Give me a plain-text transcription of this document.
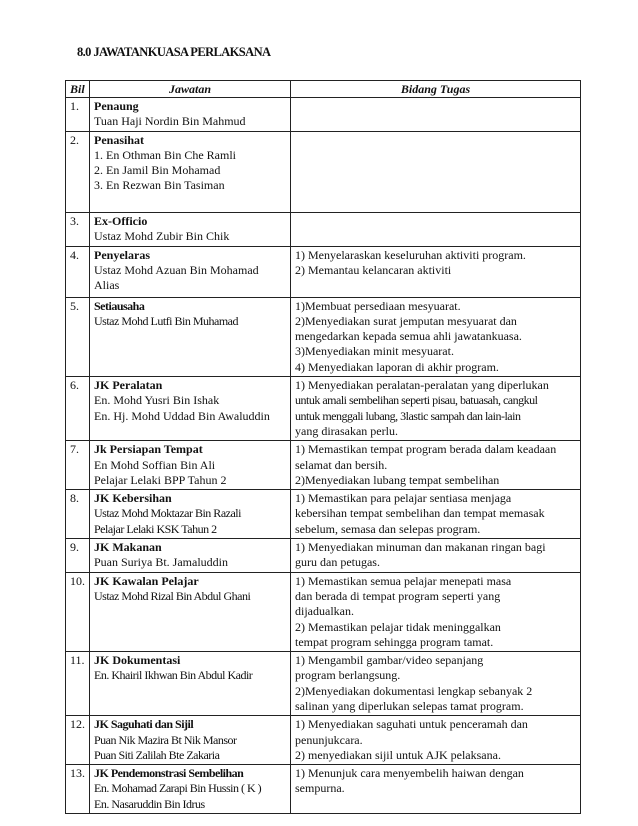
8.0 JAWATANKUASA PERLAKSANA
Bil	Jawatan	Bidang Tugas
1.	Penaung
Tuan Haji Nordin Bin Mahmud	

2.	Penasihat
1. En Othman Bin Che Ramli
2. En Jamil Bin Mohamad
3. En Rezwan Bin Tasiman	

3.	Ex-Officio
Ustaz Mohd Zubir Bin Chik	

4.	Penyelaras
Ustaz Mohd Azuan Bin Mohamad
Alias	1) Menyelaraskan keseluruhan aktiviti program.
2) Memantau kelancaran aktiviti

5.	Setiausaha
Ustaz Mohd Lutfi Bin Muhamad	1)Membuat persediaan mesyuarat.
2)Menyediakan surat jemputan mesyuarat dan
mengedarkan kepada semua ahli jawatankuasa.
3)Menyediakan minit mesyuarat.
4) Menyediakan laporan di akhir program.

6.	JK Peralatan
En. Mohd Yusri Bin Ishak
En. Hj. Mohd Uddad Bin Awaluddin	1) Menyediakan peralatan-peralatan yang diperlukan
untuk amali sembelihan seperti pisau, batuasah, cangkul
untuk menggali lubang, 3lastic sampah dan lain-lain
yang dirasakan perlu.

7.	Jk Persiapan Tempat
En Mohd Soffian Bin Ali
Pelajar Lelaki BPP Tahun 2	1) Memastikan tempat program berada dalam keadaan
selamat dan bersih.
2)Menyediakan lubang tempat sembelihan

8.	JK Kebersihan
Ustaz Mohd Moktazar Bin Razali
Pelajar Lelaki KSK Tahun 2	1) Memastikan para pelajar sentiasa menjaga
kebersihan tempat sembelihan dan tempat memasak
sebelum, semasa dan selepas program.

9.	JK Makanan
Puan Suriya Bt. Jamaluddin	1) Menyediakan minuman dan makanan ringan bagi
guru dan petugas.

10.	JK Kawalan Pelajar
Ustaz Mohd Rizal Bin Abdul Ghani	1) Memastikan semua pelajar menepati masa
dan berada di tempat program seperti yang
dijadualkan.
2) Memastikan pelajar tidak meninggalkan
tempat program sehingga program tamat.

11.	JK Dokumentasi
En. Khairil Ikhwan Bin Abdul Kadir	1) Mengambil gambar/video sepanjang
program berlangsung.
2)Menyediakan dokumentasi lengkap sebanyak 2
salinan yang diperlukan selepas tamat program.

12.	JK Saguhati dan Sijil
Puan Nik Mazira Bt Nik Mansor
Puan Siti Zalilah Bte Zakaria	1) Menyediakan saguhati untuk penceramah dan
penunjukcara.
2) menyediakan sijil untuk AJK pelaksana.

13.	JK Pendemonstrasi Sembelihan
En. Mohamad Zarapi Bin Hussin ( K )
En. Nasaruddin Bin Idrus	1) Menunjuk cara menyembelih haiwan dengan
sempurna.
